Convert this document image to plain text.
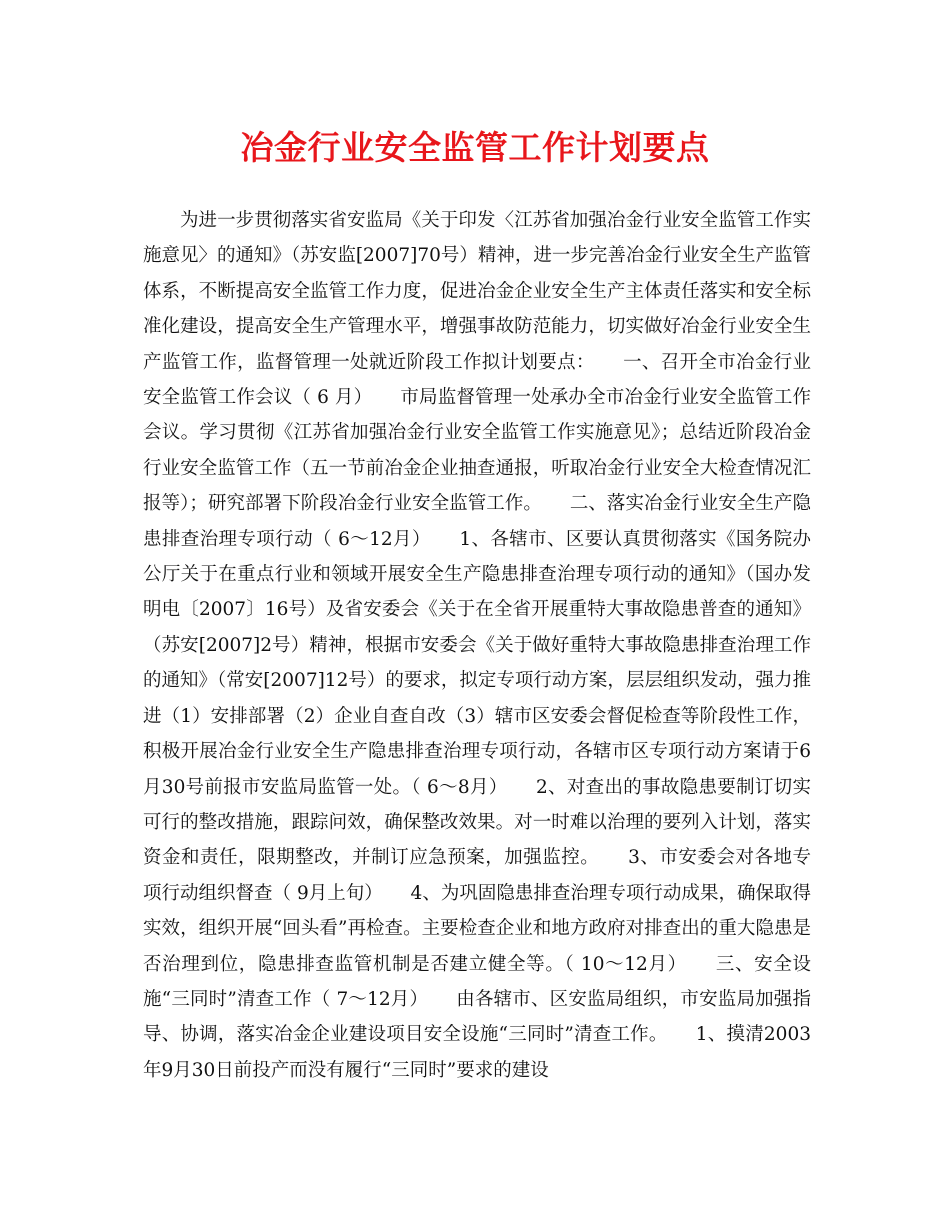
冶金行业安全监管工作计划要点

为进一步贯彻落实省安监局《关于印发〈江苏省加强冶金行业安全监管工作实施意见〉的通知》（苏安监[2007]70号）精神，进一步完善冶金行业安全生产监管体系，不断提高安全监管工作力度，促进冶金企业安全生产主体责任落实和安全标准化建设，提高安全生产管理水平，增强事故防范能力，切实做好冶金行业安全生产监管工作，监督管理一处就近阶段工作拟计划要点：　　一、召开全市冶金行业安全监管工作会议（ 6 月）　　市局监督管理一处承办全市冶金行业安全监管工作会议。学习贯彻《江苏省加强冶金行业安全监管工作实施意见》；总结近阶段冶金行业安全监管工作（五一节前冶金企业抽查通报，听取冶金行业安全大检查情况汇报等）；研究部署下阶段冶金行业安全监管工作。　　二、落实冶金行业安全生产隐患排查治理专项行动（ 6～12月）　　1、各辖市、区要认真贯彻落实《国务院办公厅关于在重点行业和领域开展安全生产隐患排查治理专项行动的通知》（国办发明电〔2007〕16号）及省安委会《关于在全省开展重特大事故隐患普查的通知》（苏安[2007]2号）精神，根据市安委会《关于做好重特大事故隐患排查治理工作的通知》（常安[2007]12号）的要求，拟定专项行动方案，层层组织发动，强力推进（1）安排部署（2）企业自查自改（3）辖市区安委会督促检查等阶段性工作，积极开展冶金行业安全生产隐患排查治理专项行动，各辖市区专项行动方案请于6月30号前报市安监局监管一处。（ 6～8月）　　2、对查出的事故隐患要制订切实可行的整改措施，跟踪问效，确保整改效果。对一时难以治理的要列入计划，落实资金和责任，限期整改，并制订应急预案，加强监控。　　3、市安委会对各地专项行动组织督查（ 9月上旬）　　4、为巩固隐患排查治理专项行动成果，确保取得实效，组织开展“回头看”再检查。主要检查企业和地方政府对排查出的重大隐患是否治理到位，隐患排查监管机制是否建立健全等。（ 10～12月）　　三、安全设施“三同时”清查工作（ 7～12月）　　由各辖市、区安监局组织，市安监局加强指导、协调，落实冶金企业建设项目安全设施“三同时”清查工作。　　1、摸清2003年9月30日前投产而没有履行“三同时”要求的建设
